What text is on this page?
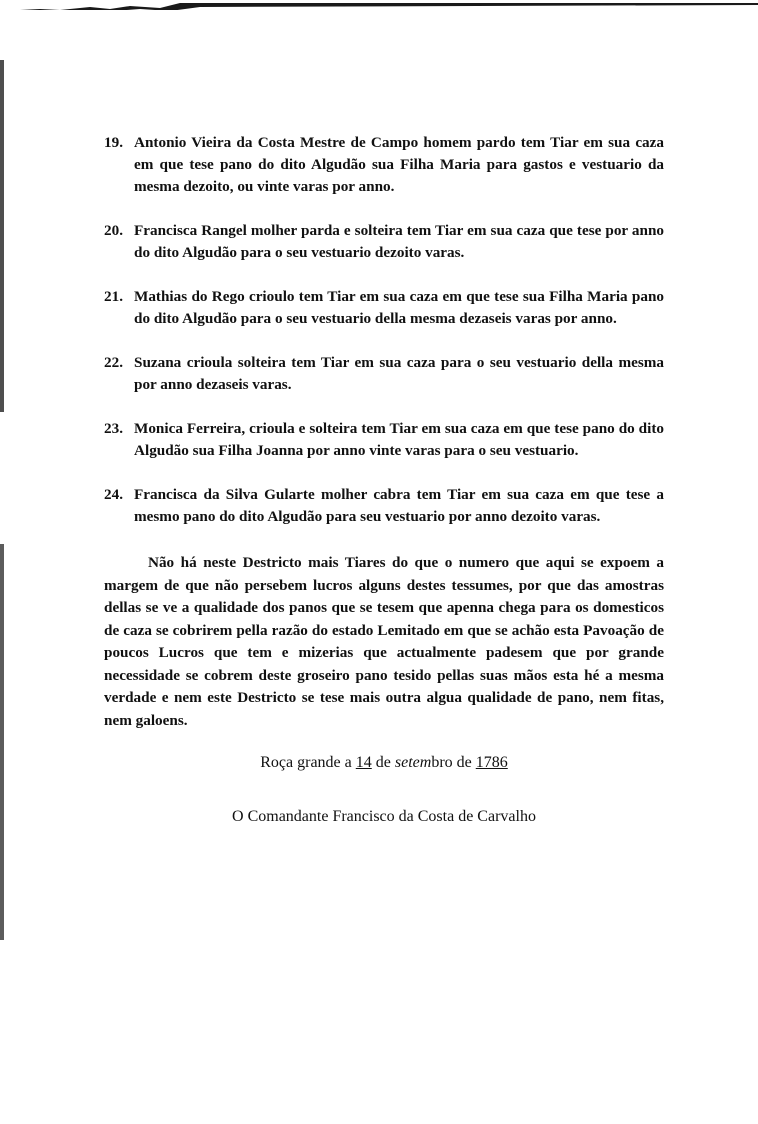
19. Antonio Vieira da Costa Mestre de Campo homem pardo tem Tiar em sua caza em que tese pano do dito Algudão sua Filha Maria para gastos e vestuario da mesma dezoito, ou vinte varas por anno.
20. Francisca Rangel molher parda e solteira tem Tiar em sua caza que tese por anno do dito Algudão para o seu vestuario dezoito varas.
21. Mathias do Rego crioulo tem Tiar em sua caza em que tese sua Filha Maria pano do dito Algudão para o seu vestuario della mesma dezaseis varas por anno.
22. Suzana crioula solteira tem Tiar em sua caza para o seu vestuario della mesma por anno dezaseis varas.
23. Monica Ferreira, crioula e solteira tem Tiar em sua caza em que tese pano do dito Algudão sua Filha Joanna por anno vinte varas para o seu vestuario.
24. Francisca da Silva Gularte molher cabra tem Tiar em sua caza em que tese a mesmo pano do dito Algudão para seu vestuario por anno dezoito varas.

Não há neste Destricto mais Tiares do que o numero que aqui se expoem a margem de que não persebem lucros alguns destes tessumes, por que das amostras dellas se ve a qualidade dos panos que se tesem que apenna chega para os domesticos de caza se cobrirem pella razão do estado Lemitado em que se achão esta Pavoação de poucos Lucros que tem e mizerias que actualmente padesem que por grande necessidade se cobrem deste groseiro pano tesido pellas suas mãos esta hé a mesma verdade e nem este Destricto se tese mais outra algua qualidade de pano, nem fitas, nem galoens.

Roça grande a 14 de setembro de 1786
O Comandante Francisco da Costa de Carvalho
